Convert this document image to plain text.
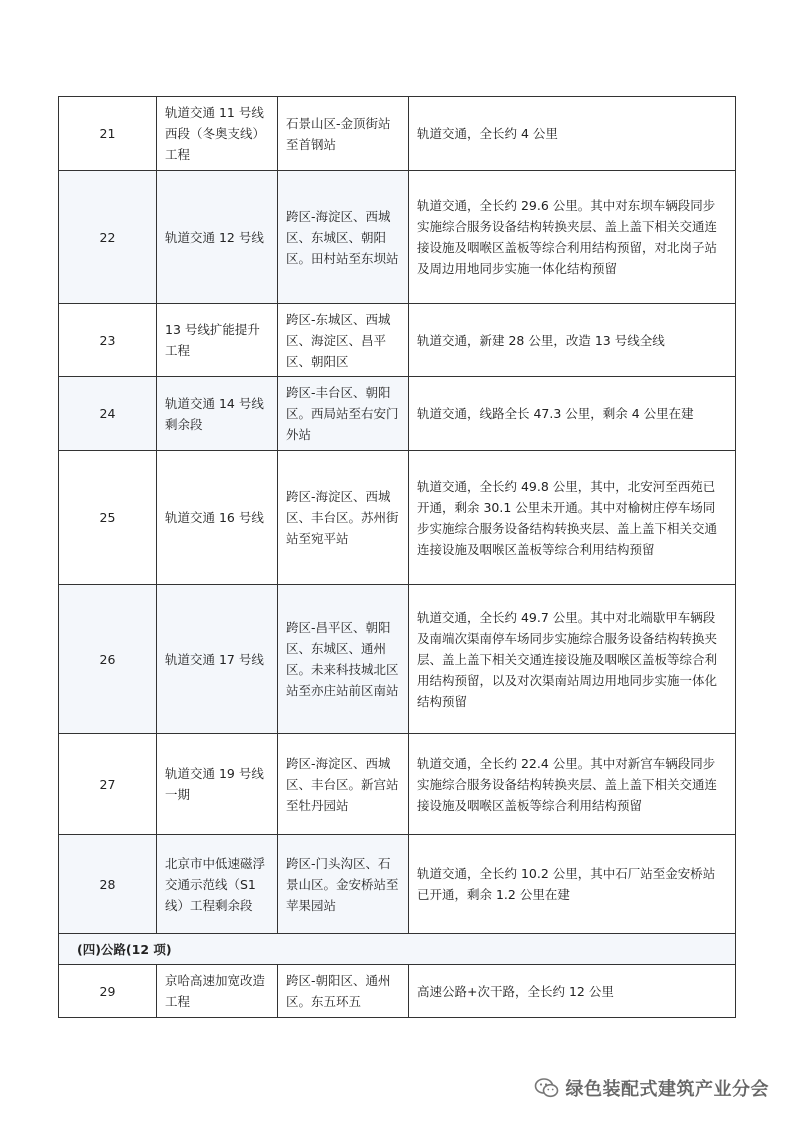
21	轨道交通 11 号线西段（冬奥支线）工程	石景山区-金顶街站至首钢站	轨道交通，全长约 4 公里
22	轨道交通 12 号线	跨区-海淀区、西城区、东城区、朝阳区。田村站至东坝站	轨道交通，全长约 29.6 公里。其中对东坝车辆段同步实施综合服务设备结构转换夹层、盖上盖下相关交通连接设施及咽喉区盖板等综合利用结构预留，对北岗子站及周边用地同步实施一体化结构预留
23	13 号线扩能提升工程	跨区-东城区、西城区、海淀区、昌平区、朝阳区	轨道交通，新建 28 公里，改造 13 号线全线
24	轨道交通 14 号线剩余段	跨区-丰台区、朝阳区。西局站至右安门外站	轨道交通，线路全长 47.3 公里，剩余 4 公里在建
25	轨道交通 16 号线	跨区-海淀区、西城区、丰台区。苏州街站至宛平站	轨道交通，全长约 49.8 公里，其中，北安河至西苑已开通，剩余 30.1 公里未开通。其中对榆树庄停车场同步实施综合服务设备结构转换夹层、盖上盖下相关交通连接设施及咽喉区盖板等综合利用结构预留
26	轨道交通 17 号线	跨区-昌平区、朝阳区、东城区、通州区。未来科技城北区站至亦庄站前区南站	轨道交通，全长约 49.7 公里。其中对北端歇甲车辆段及南端次渠南停车场同步实施综合服务设备结构转换夹层、盖上盖下相关交通连接设施及咽喉区盖板等综合利用结构预留，以及对次渠南站周边用地同步实施一体化结构预留
27	轨道交通 19 号线一期	跨区-海淀区、西城区、丰台区。新宫站至牡丹园站	轨道交通，全长约 22.4 公里。其中对新宫车辆段同步实施综合服务设备结构转换夹层、盖上盖下相关交通连接设施及咽喉区盖板等综合利用结构预留
28	北京市中低速磁浮交通示范线（S1 线）工程剩余段	跨区-门头沟区、石景山区。金安桥站至苹果园站	轨道交通，全长约 10.2 公里，其中石厂站至金安桥站已开通，剩余 1.2 公里在建
(四)公路(12 项)			
29	京哈高速加宽改造工程	跨区-朝阳区、通州区。东五环五	高速公路+次干路，全长约 12 公里
绿色装配式建筑产业分会
